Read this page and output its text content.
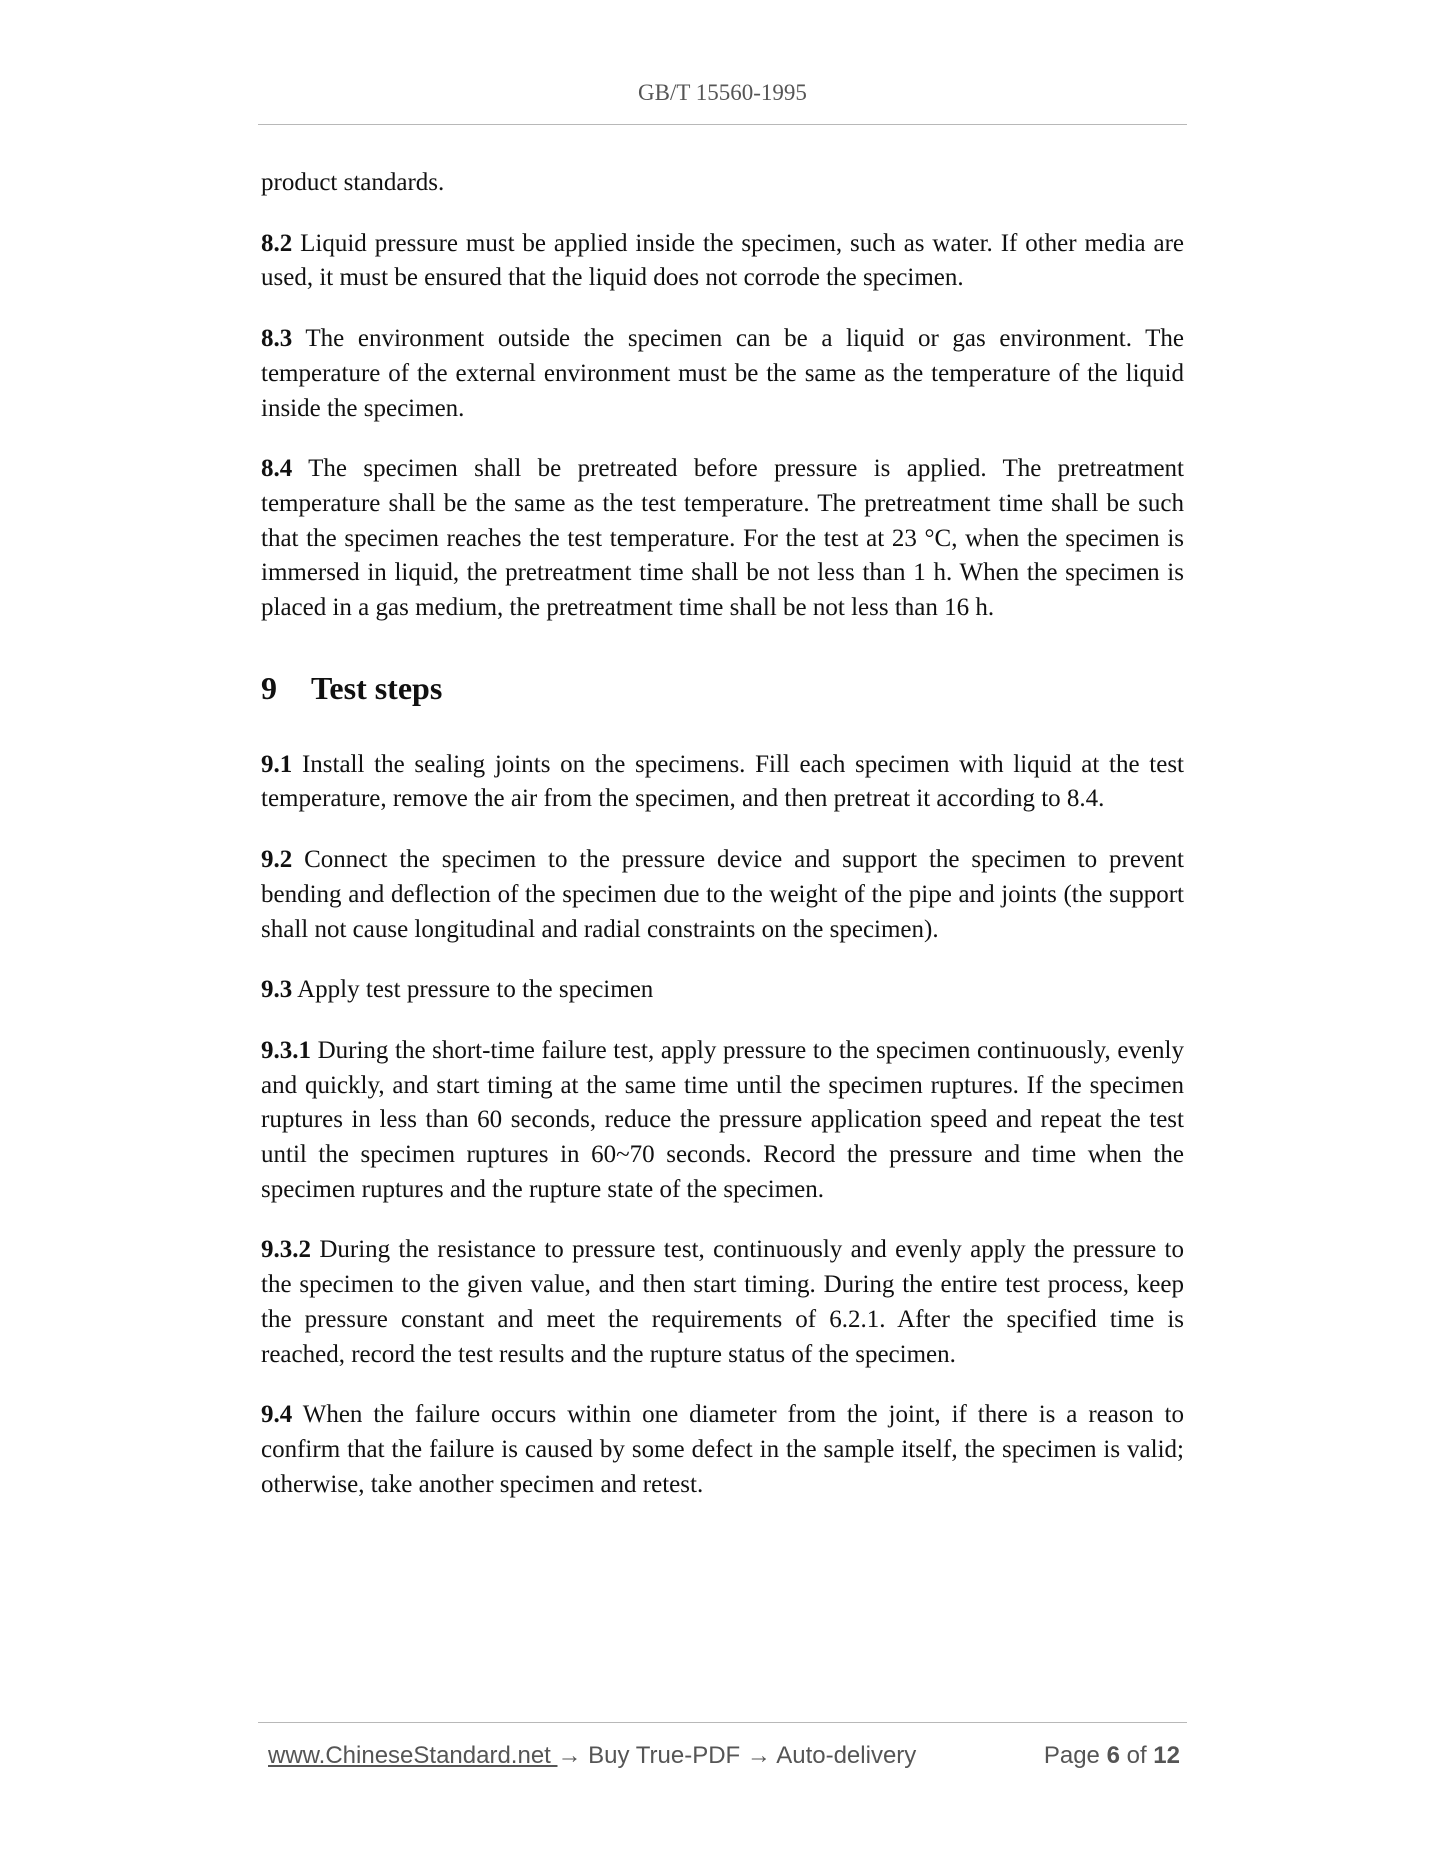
GB/T 15560-1995

product standards.

8.2 Liquid pressure must be applied inside the specimen, such as water. If other media are used, it must be ensured that the liquid does not corrode the specimen.

8.3 The environment outside the specimen can be a liquid or gas environment. The temperature of the external environment must be the same as the temperature of the liquid inside the specimen.

8.4 The specimen shall be pretreated before pressure is applied. The pretreatment temperature shall be the same as the test temperature. The pretreatment time shall be such that the specimen reaches the test temperature. For the test at 23 °C, when the specimen is immersed in liquid, the pretreatment time shall be not less than 1 h. When the specimen is placed in a gas medium, the pretreatment time shall be not less than 16 h.

9 Test steps

9.1 Install the sealing joints on the specimens. Fill each specimen with liquid at the test temperature, remove the air from the specimen, and then pretreat it according to 8.4.

9.2 Connect the specimen to the pressure device and support the specimen to prevent bending and deflection of the specimen due to the weight of the pipe and joints (the support shall not cause longitudinal and radial constraints on the specimen).

9.3 Apply test pressure to the specimen

9.3.1 During the short-time failure test, apply pressure to the specimen continuously, evenly and quickly, and start timing at the same time until the specimen ruptures. If the specimen ruptures in less than 60 seconds, reduce the pressure application speed and repeat the test until the specimen ruptures in 60~70 seconds. Record the pressure and time when the specimen ruptures and the rupture state of the specimen.

9.3.2 During the resistance to pressure test, continuously and evenly apply the pressure to the specimen to the given value, and then start timing. During the entire test process, keep the pressure constant and meet the requirements of 6.2.1. After the specified time is reached, record the test results and the rupture status of the specimen.

9.4 When the failure occurs within one diameter from the joint, if there is a reason to confirm that the failure is caused by some defect in the sample itself, the specimen is valid; otherwise, take another specimen and retest.

www.ChineseStandard.net → Buy True-PDF → Auto-delivery	Page 6 of 12
